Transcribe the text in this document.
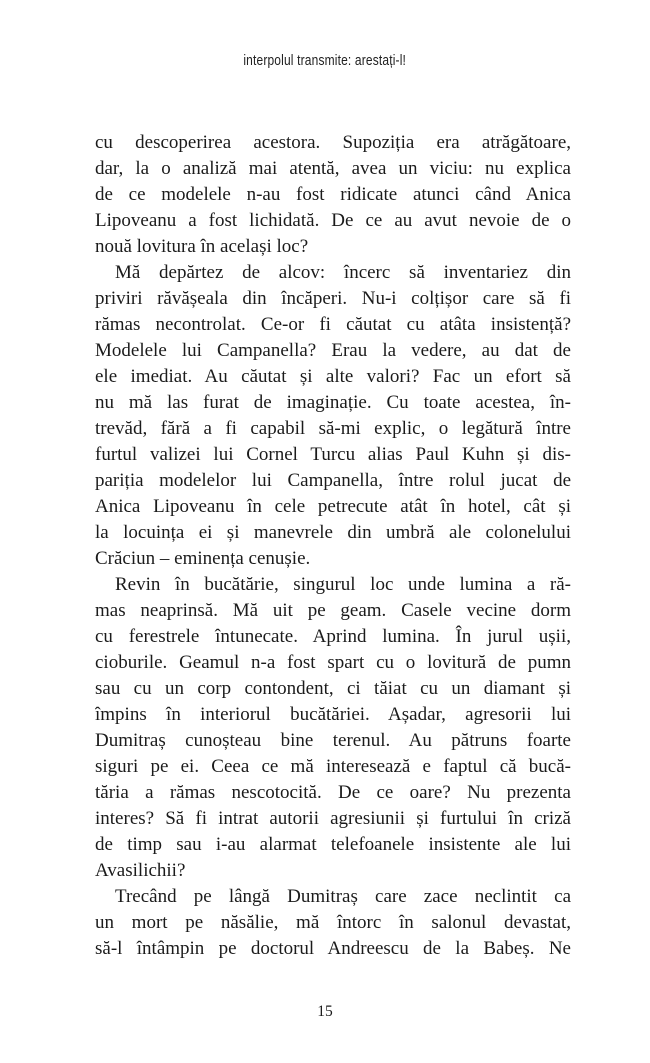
interpolul transmite: arestați-l!
cu descoperirea acestora. Supoziția era atrăgătoare,
dar, la o analiză mai atentă, avea un viciu: nu explica
de ce modelele n-au fost ridicate atunci când Anica
Lipoveanu a fost lichidată. De ce au avut nevoie de o
nouă lovitura în același loc?
Mă depărtez de alcov: încerc să inventariez din
priviri răvășeala din încăperi. Nu-i colțișor care să fi
rămas necontrolat. Ce-or fi căutat cu atâta insistență?
Modelele lui Campanella? Erau la vedere, au dat de
ele imediat. Au căutat și alte valori? Fac un efort să
nu mă las furat de imaginație. Cu toate acestea, în-
trevăd, fără a fi capabil să-mi explic, o legătură între
furtul valizei lui Cornel Turcu alias Paul Kuhn și dis-
pariția modelelor lui Campanella, între rolul jucat de
Anica Lipoveanu în cele petrecute atât în hotel, cât și
la locuința ei și manevrele din umbră ale colonelului
Crăciun – eminența cenușie.
Revin în bucătărie, singurul loc unde lumina a ră-
mas neaprinsă. Mă uit pe geam. Casele vecine dorm
cu ferestrele întunecate. Aprind lumina. În jurul ușii,
cioburile. Geamul n-a fost spart cu o lovitură de pumn
sau cu un corp contondent, ci tăiat cu un diamant și
împins în interiorul bucătăriei. Așadar, agresorii lui
Dumitraș cunoșteau bine terenul. Au pătruns foarte
siguri pe ei. Ceea ce mă interesează e faptul că bucă-
tăria a rămas nescotocită. De ce oare? Nu prezenta
interes? Să fi intrat autorii agresiunii și furtului în criză
de timp sau i-au alarmat telefoanele insistente ale lui
Avasilichii?
Trecând pe lângă Dumitraș care zace neclintit ca
un mort pe năsălie, mă întorc în salonul devastat,
să-l întâmpin pe doctorul Andreescu de la Babeș. Ne
15
